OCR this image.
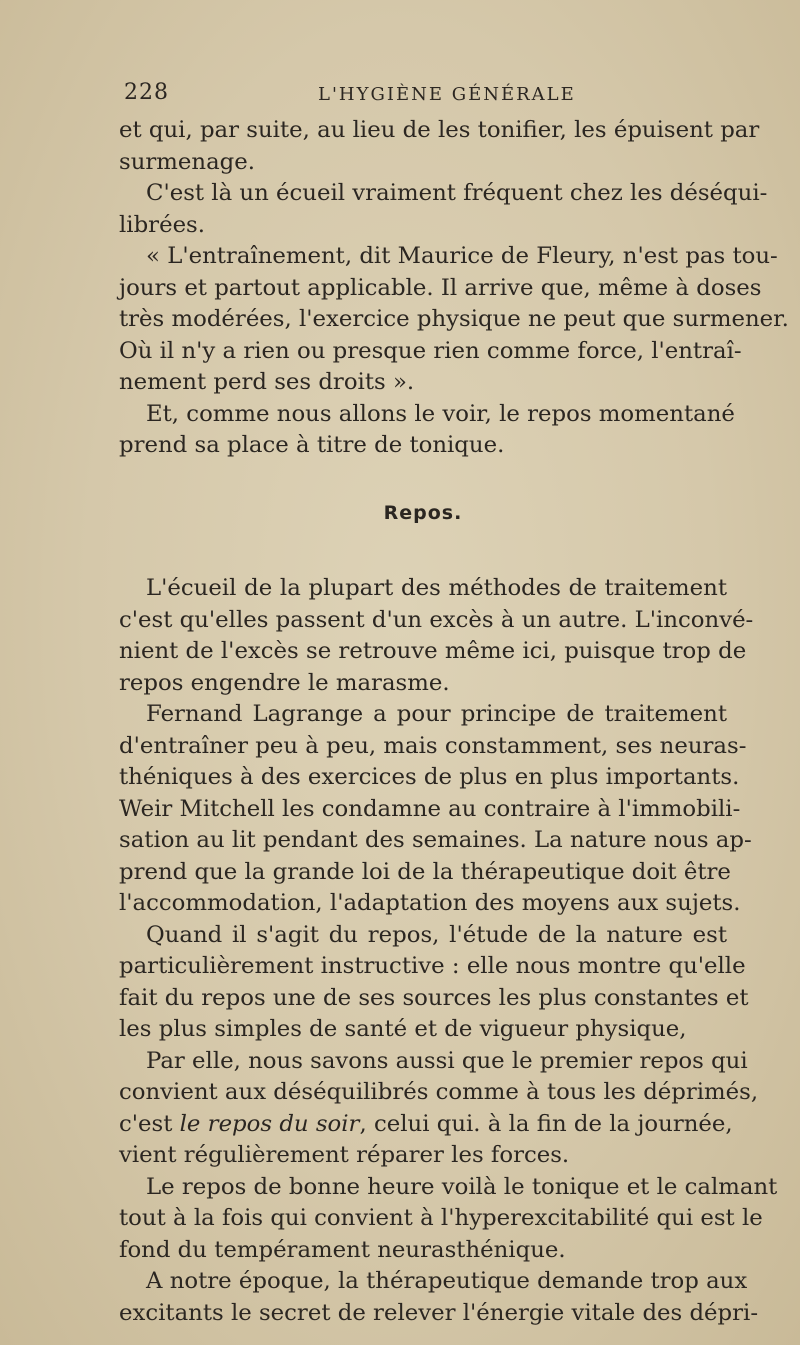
228	L'HYGIÈNE GÉNÉRALE
et qui, par suite, au lieu de les tonifier, les épuisent par
surmenage.
C'est là un écueil vraiment fréquent chez les déséqui-
librées.
« L'entraînement, dit Maurice de Fleury, n'est pas tou-
jours et partout applicable. Il arrive que, même à doses
très modérées, l'exercice physique ne peut que surmener.
Où il n'y a rien ou presque rien comme force, l'entraî-
nement perd ses droits ».
Et, comme nous allons le voir, le repos momentané
prend sa place à titre de tonique.
Repos.
L'écueil de la plupart des méthodes de traitement
c'est qu'elles passent d'un excès à un autre. L'inconvé-
nient de l'excès se retrouve même ici, puisque trop de
repos engendre le marasme.
Fernand Lagrange a pour principe de traitement
d'entraîner peu à peu, mais constamment, ses neuras-
théniques à des exercices de plus en plus importants.
Weir Mitchell les condamne au contraire à l'immobili-
sation au lit pendant des semaines. La nature nous ap-
prend que la grande loi de la thérapeutique doit être
l'accommodation, l'adaptation des moyens aux sujets.
Quand il s'agit du repos, l'étude de la nature est
particulièrement instructive : elle nous montre qu'elle
fait du repos une de ses sources les plus constantes et
les plus simples de santé et de vigueur physique,
Par elle, nous savons aussi que le premier repos qui
convient aux déséquilibrés comme à tous les déprimés,
c'est le repos du soir, celui qui. à la fin de la journée,
vient régulièrement réparer les forces.
Le repos de bonne heure voilà le tonique et le calmant
tout à la fois qui convient à l'hyperexcitabilité qui est le
fond du tempérament neurasthénique.
A notre époque, la thérapeutique demande trop aux
excitants le secret de relever l'énergie vitale des dépri-
